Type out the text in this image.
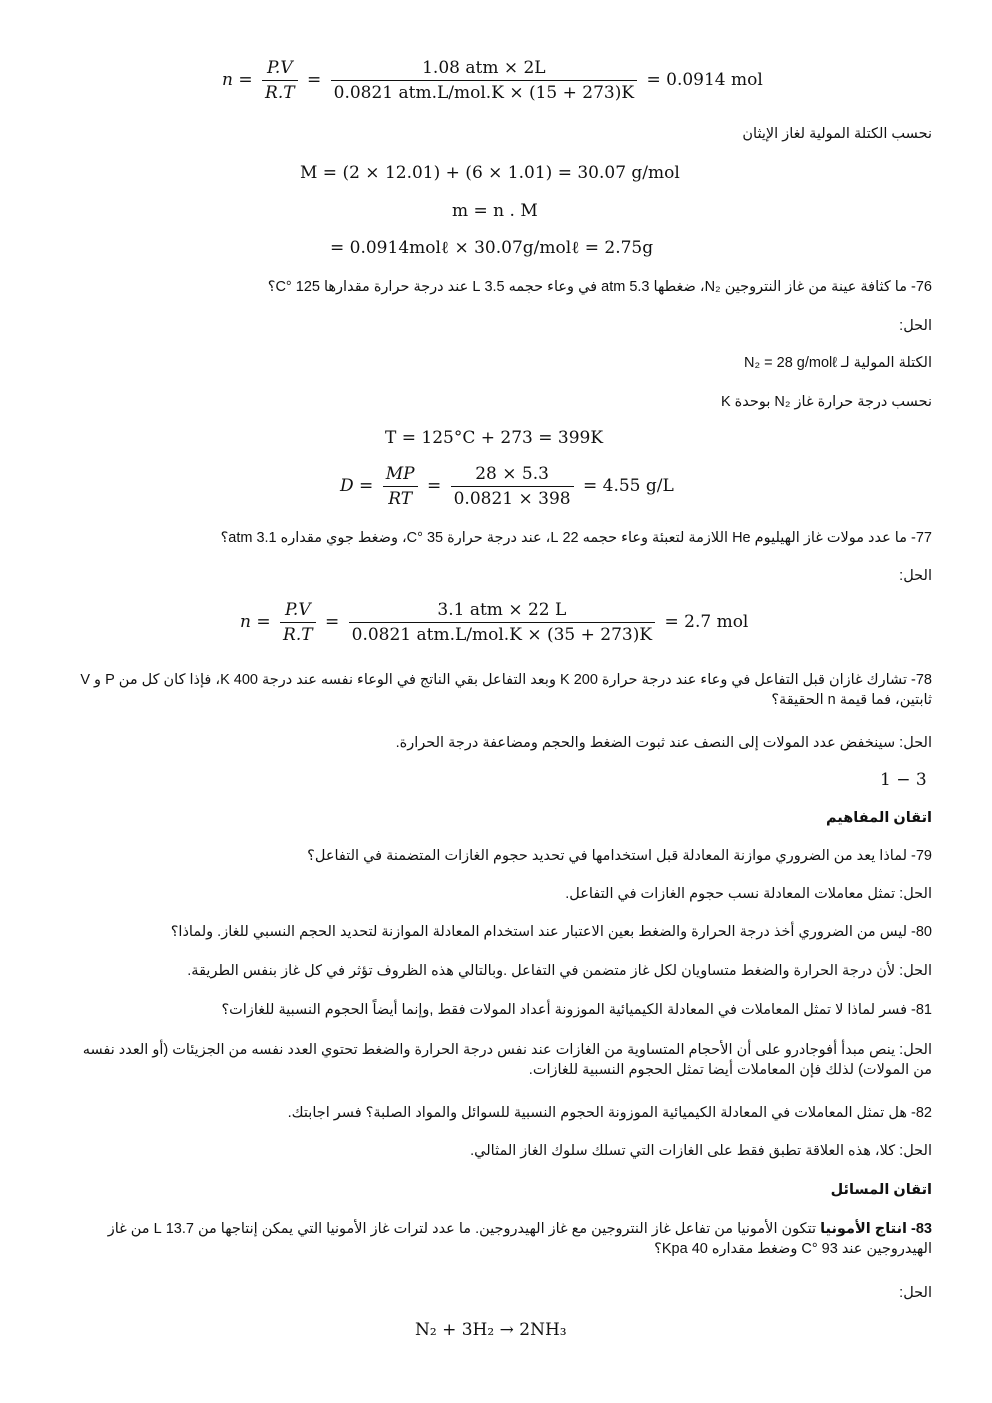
$n = \frac{P.V}{R.T} = \frac{\text{1.08 atm × 2L}}{\text{0.0821 atm.L/mol.K × (15 + 273)K}} = 0.0914$ mol
نحسب الكتلة المولية لغاز الإيثان
M = (2 × 12.01) + (6 × 1.01) = 30.07 g/mol
m = n . M
= 0.0914molℓ × 30.07g/molℓ = 2.75g
76- ما كثافة عينة من غاز النتروجين N₂، ضغطها 5.3 atm في وعاء حجمه 3.5 L عند درجة حرارة مقدارها 125 °C؟
الحل:
الكتلة المولية لـ N₂ = 28 g/molℓ
نحسب درجة حرارة غاز N₂ بوحدة K
T = 125°C + 273 = 399K
$D = \frac{MP}{RT} = \frac{28 \times 5.3}{0.0821 \times 398} = 4.55$ g/L
77- ما عدد مولات غاز الهيليوم He اللازمة لتعبئة وعاء حجمه 22 L، عند درجة حرارة 35 °C، وضغط جوي مقداره 3.1 atm؟
الحل:
$n = \frac{P.V}{R.T} = \frac{\text{3.1 atm × 22 L}}{\text{0.0821 atm.L/mol.K × (35 + 273)K}} = 2.7$ mol
78- تشارك غازان قبل التفاعل في وعاء عند درجة حرارة 200 K وبعد التفاعل بقي الناتج في الوعاء نفسه عند درجة 400 K، فإذا كان كل من P و V ثابتين، فما قيمة n الحقيقة؟
الحل: سينخفض عدد المولات إلى النصف عند ثبوت الضغط والحجم ومضاعفة درجة الحرارة.
1 − 3
اتقان المفاهيم
79- لماذا يعد من الضروري موازنة المعادلة قبل استخدامها في تحديد حجوم الغازات المتضمنة في التفاعل؟
الحل: تمثل معاملات المعادلة نسب حجوم الغازات في التفاعل.
80- ليس من الضروري أخذ درجة الحرارة والضغط بعين الاعتبار عند استخدام المعادلة الموازنة لتحديد الحجم النسبي للغاز. ولماذا؟
الحل: لأن درجة الحرارة والضغط متساويان لكل غاز متضمن في التفاعل .وبالتالي هذه الظروف تؤثر في كل غاز بنفس الطريقة.
81- فسر لماذا لا تمثل المعاملات في المعادلة الكيميائية الموزونة أعداد المولات فقط ,وإنما أيضاً الحجوم النسبية للغازات؟
الحل: ينص مبدأ أفوجادرو على أن الأحجام المتساوية من الغازات عند نفس درجة الحرارة والضغط تحتوي العدد نفسه من الجزيئات (أو العدد نفسه من المولات) لذلك فإن المعاملات أيضا تمثل الحجوم النسبية للغازات.
82- هل تمثل المعاملات في المعادلة الكيميائية الموزونة الحجوم النسبية للسوائل والمواد الصلبة؟ فسر اجابتك.
الحل: كلا، هذه العلاقة تطبق فقط على الغازات التي تسلك سلوك الغاز المثالي.
اتقان المسائل
83- انتاج الأمونيا تتكون الأمونيا من تفاعل غاز النتروجين مع غاز الهيدروجين. ما عدد لترات غاز الأمونيا التي يمكن إنتاجها من 13.7 L من غاز الهيدروجين عند 93 °C وضغط مقداره 40 Kpa؟
الحل:
N₂ + 3H₂ → 2NH₃
